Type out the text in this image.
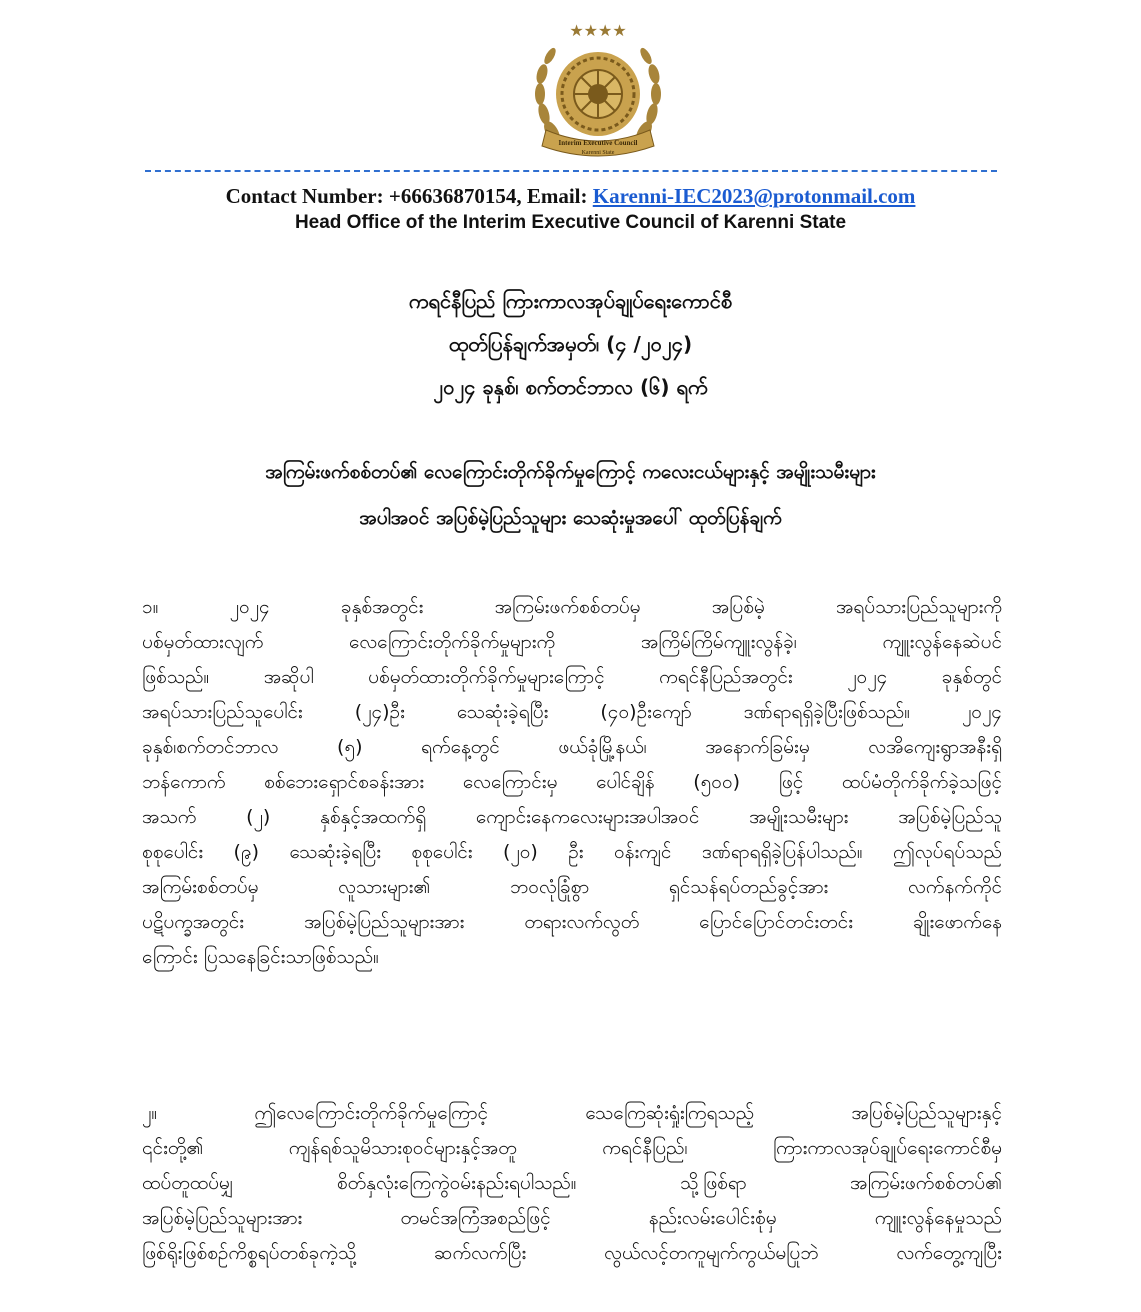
★★★★
Interim Executive Council
Karenni State
Contact Number: +66636870154, Email: Karenni-IEC2023@protonmail.com
Head Office of the Interim Executive Council of Karenni State
ကရင်နီပြည် ကြားကာလအုပ်ချုပ်ရေးကောင်စီ
ထုတ်ပြန်ချက်အမှတ်၊ (၄ /၂၀၂၄)
၂၀၂၄ ခုနှစ်၊ စက်တင်ဘာလ (၆) ရက်
အကြမ်းဖက်စစ်တပ်၏ လေကြောင်းတိုက်ခိုက်မှုကြောင့် ကလေးငယ်များနှင့် အမျိုးသမီးများ
အပါအဝင် အပြစ်မဲ့ပြည်သူများ သေဆုံးမှုအပေါ် ထုတ်ပြန်ချက်
၁။ ၂၀၂၄ ခုနှစ်အတွင်း အကြမ်းဖက်စစ်တပ်မှ အပြစ်မဲ့ အရပ်သားပြည်သူများကို
ပစ်မှတ်ထားလျက် လေကြောင်းတိုက်ခိုက်မှုများကို အကြိမ်ကြိမ်ကျူးလွန်ခဲ့၊ ကျူးလွန်နေဆဲပင်
ဖြစ်သည်။ အဆိုပါ ပစ်မှတ်ထားတိုက်ခိုက်မှုများကြောင့် ကရင်နီပြည်အတွင်း ၂၀၂၄ ခုနှစ်တွင်
အရပ်သားပြည်သူပေါင်း (၂၄)ဦး သေဆုံးခဲ့ရပြီး (၄၀)ဦးကျော် ဒဏ်ရာရရှိခဲ့ပြီးဖြစ်သည်။ ၂၀၂၄
ခုနှစ်၊စက်တင်ဘာလ (၅) ရက်နေ့တွင် ဖယ်ခုံမြို့နယ်၊ အနောက်ခြမ်းမှ လအိကျေးရွာအနီးရှိ
ဘန်ကောက် စစ်ဘေးရှောင်စခန်းအား လေကြောင်းမှ ပေါင်ချိန် (၅၀၀) ဖြင့် ထပ်မံတိုက်ခိုက်ခဲ့သဖြင့်
အသက် (၂) နှစ်နှင့်အထက်ရှိ ကျောင်းနေကလေးများအပါအဝင် အမျိုးသမီးများ အပြစ်မဲ့ပြည်သူ
စုစုပေါင်း (၉) သေဆုံးခဲ့ရပြီး စုစုပေါင်း (၂၀) ဦး ဝန်းကျင် ဒဏ်ရာရရှိခဲ့ပြန်ပါသည်။ ဤလုပ်ရပ်သည်
အကြမ်းစစ်တပ်မှ လူသားများ၏ ဘဝလုံခြုံစွာ ရှင်သန်ရပ်တည်ခွင့်အား လက်နက်ကိုင်
ပဋိပက္ခအတွင်း အပြစ်မဲ့ပြည်သူများအား တရားလက်လွတ် ပြောင်ပြောင်တင်းတင်း ချိုးဖောက်နေ
ကြောင်း ပြသနေခြင်းသာဖြစ်သည်။
၂။ ဤလေကြောင်းတိုက်ခိုက်မှုကြောင့် သေကြေဆုံးရှုံးကြရသည့် အပြစ်မဲ့ပြည်သူများနှင့်
၎င်းတို့၏ ကျန်ရစ်သူမိသားစုဝင်များနှင့်အတူ ကရင်နီပြည်၊ ကြားကာလအုပ်ချုပ်ရေးကောင်စီမှ
ထပ်တူထပ်မျှ စိတ်နှလုံးကြေကွဲဝမ်းနည်းရပါသည်။ သို့ဖြစ်ရာ အကြမ်းဖက်စစ်တပ်၏
အပြစ်မဲ့ပြည်သူများအား တမင်အကြံအစည်ဖြင့် နည်းလမ်းပေါင်းစုံမှ ကျူးလွန်နေမှုသည်
ဖြစ်ရိုးဖြစ်စဉ်ကိစ္စရပ်တစ်ခုကဲ့သို့ ဆက်လက်ပြီး လွယ်လင့်တကူမျက်ကွယ်မပြုဘဲ လက်တွေ့ကျပြီး
